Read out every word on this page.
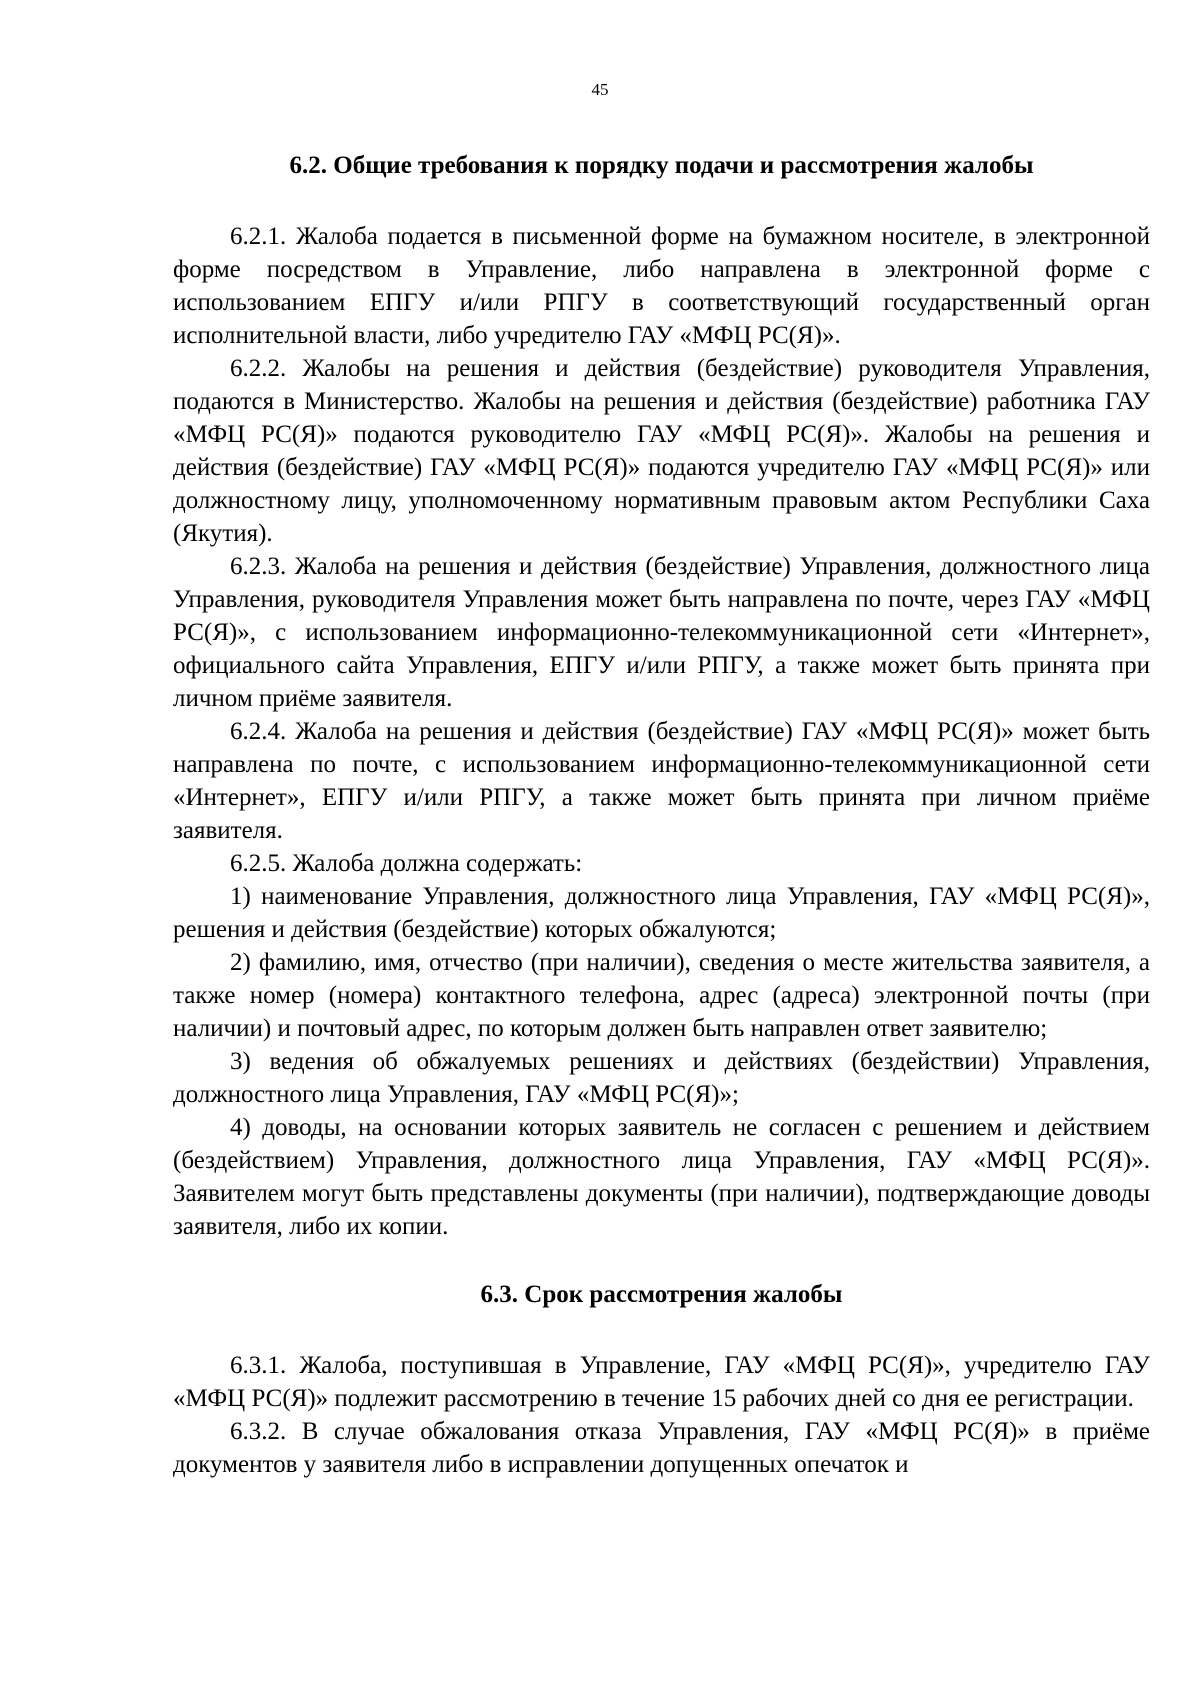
45
6.2. Общие требования к порядку подачи и рассмотрения жалобы

6.2.1. Жалоба подается в письменной форме на бумажном носителе, в электронной форме посредством в Управление, либо направлена в электронной форме с использованием ЕПГУ и/или РПГУ в соответствующий государственный орган исполнительной власти, либо учредителю ГАУ «МФЦ РС(Я)».

6.2.2. Жалобы на решения и действия (бездействие) руководителя Управления, подаются в Министерство. Жалобы на решения и действия (бездействие) работника ГАУ «МФЦ РС(Я)» подаются руководителю ГАУ «МФЦ РС(Я)». Жалобы на решения и действия (бездействие) ГАУ «МФЦ РС(Я)» подаются учредителю ГАУ «МФЦ РС(Я)» или должностному лицу, уполномоченному нормативным правовым актом Республики Саха (Якутия).

6.2.3. Жалоба на решения и действия (бездействие) Управления, должностного лица Управления, руководителя Управления может быть направлена по почте, через ГАУ «МФЦ РС(Я)», с использованием информационно-телекоммуникационной сети «Интернет», официального сайта Управления, ЕПГУ и/или РПГУ, а также может быть принята при личном приёме заявителя.

6.2.4. Жалоба на решения и действия (бездействие) ГАУ «МФЦ РС(Я)» может быть направлена по почте, с использованием информационно-телекоммуникационной сети «Интернет», ЕПГУ и/или РПГУ, а также может быть принята при личном приёме заявителя.

6.2.5. Жалоба должна содержать:

1) наименование Управления, должностного лица Управления, ГАУ «МФЦ РС(Я)», решения и действия (бездействие) которых обжалуются;

2) фамилию, имя, отчество (при наличии), сведения о месте жительства заявителя, а также номер (номера) контактного телефона, адрес (адреса) электронной почты (при наличии) и почтовый адрес, по которым должен быть направлен ответ заявителю;

3) ведения об обжалуемых решениях и действиях (бездействии) Управления, должностного лица Управления, ГАУ «МФЦ РС(Я)»;

4) доводы, на основании которых заявитель не согласен с решением и действием (бездействием) Управления, должностного лица Управления, ГАУ «МФЦ РС(Я)». Заявителем могут быть представлены документы (при наличии), подтверждающие доводы заявителя, либо их копии.

6.3. Срок рассмотрения жалобы

6.3.1. Жалоба, поступившая в Управление, ГАУ «МФЦ РС(Я)», учредителю ГАУ «МФЦ РС(Я)» подлежит рассмотрению в течение 15 рабочих дней со дня ее регистрации.

6.3.2. В случае обжалования отказа Управления, ГАУ «МФЦ РС(Я)» в приёме документов у заявителя либо в исправлении допущенных опечаток и
